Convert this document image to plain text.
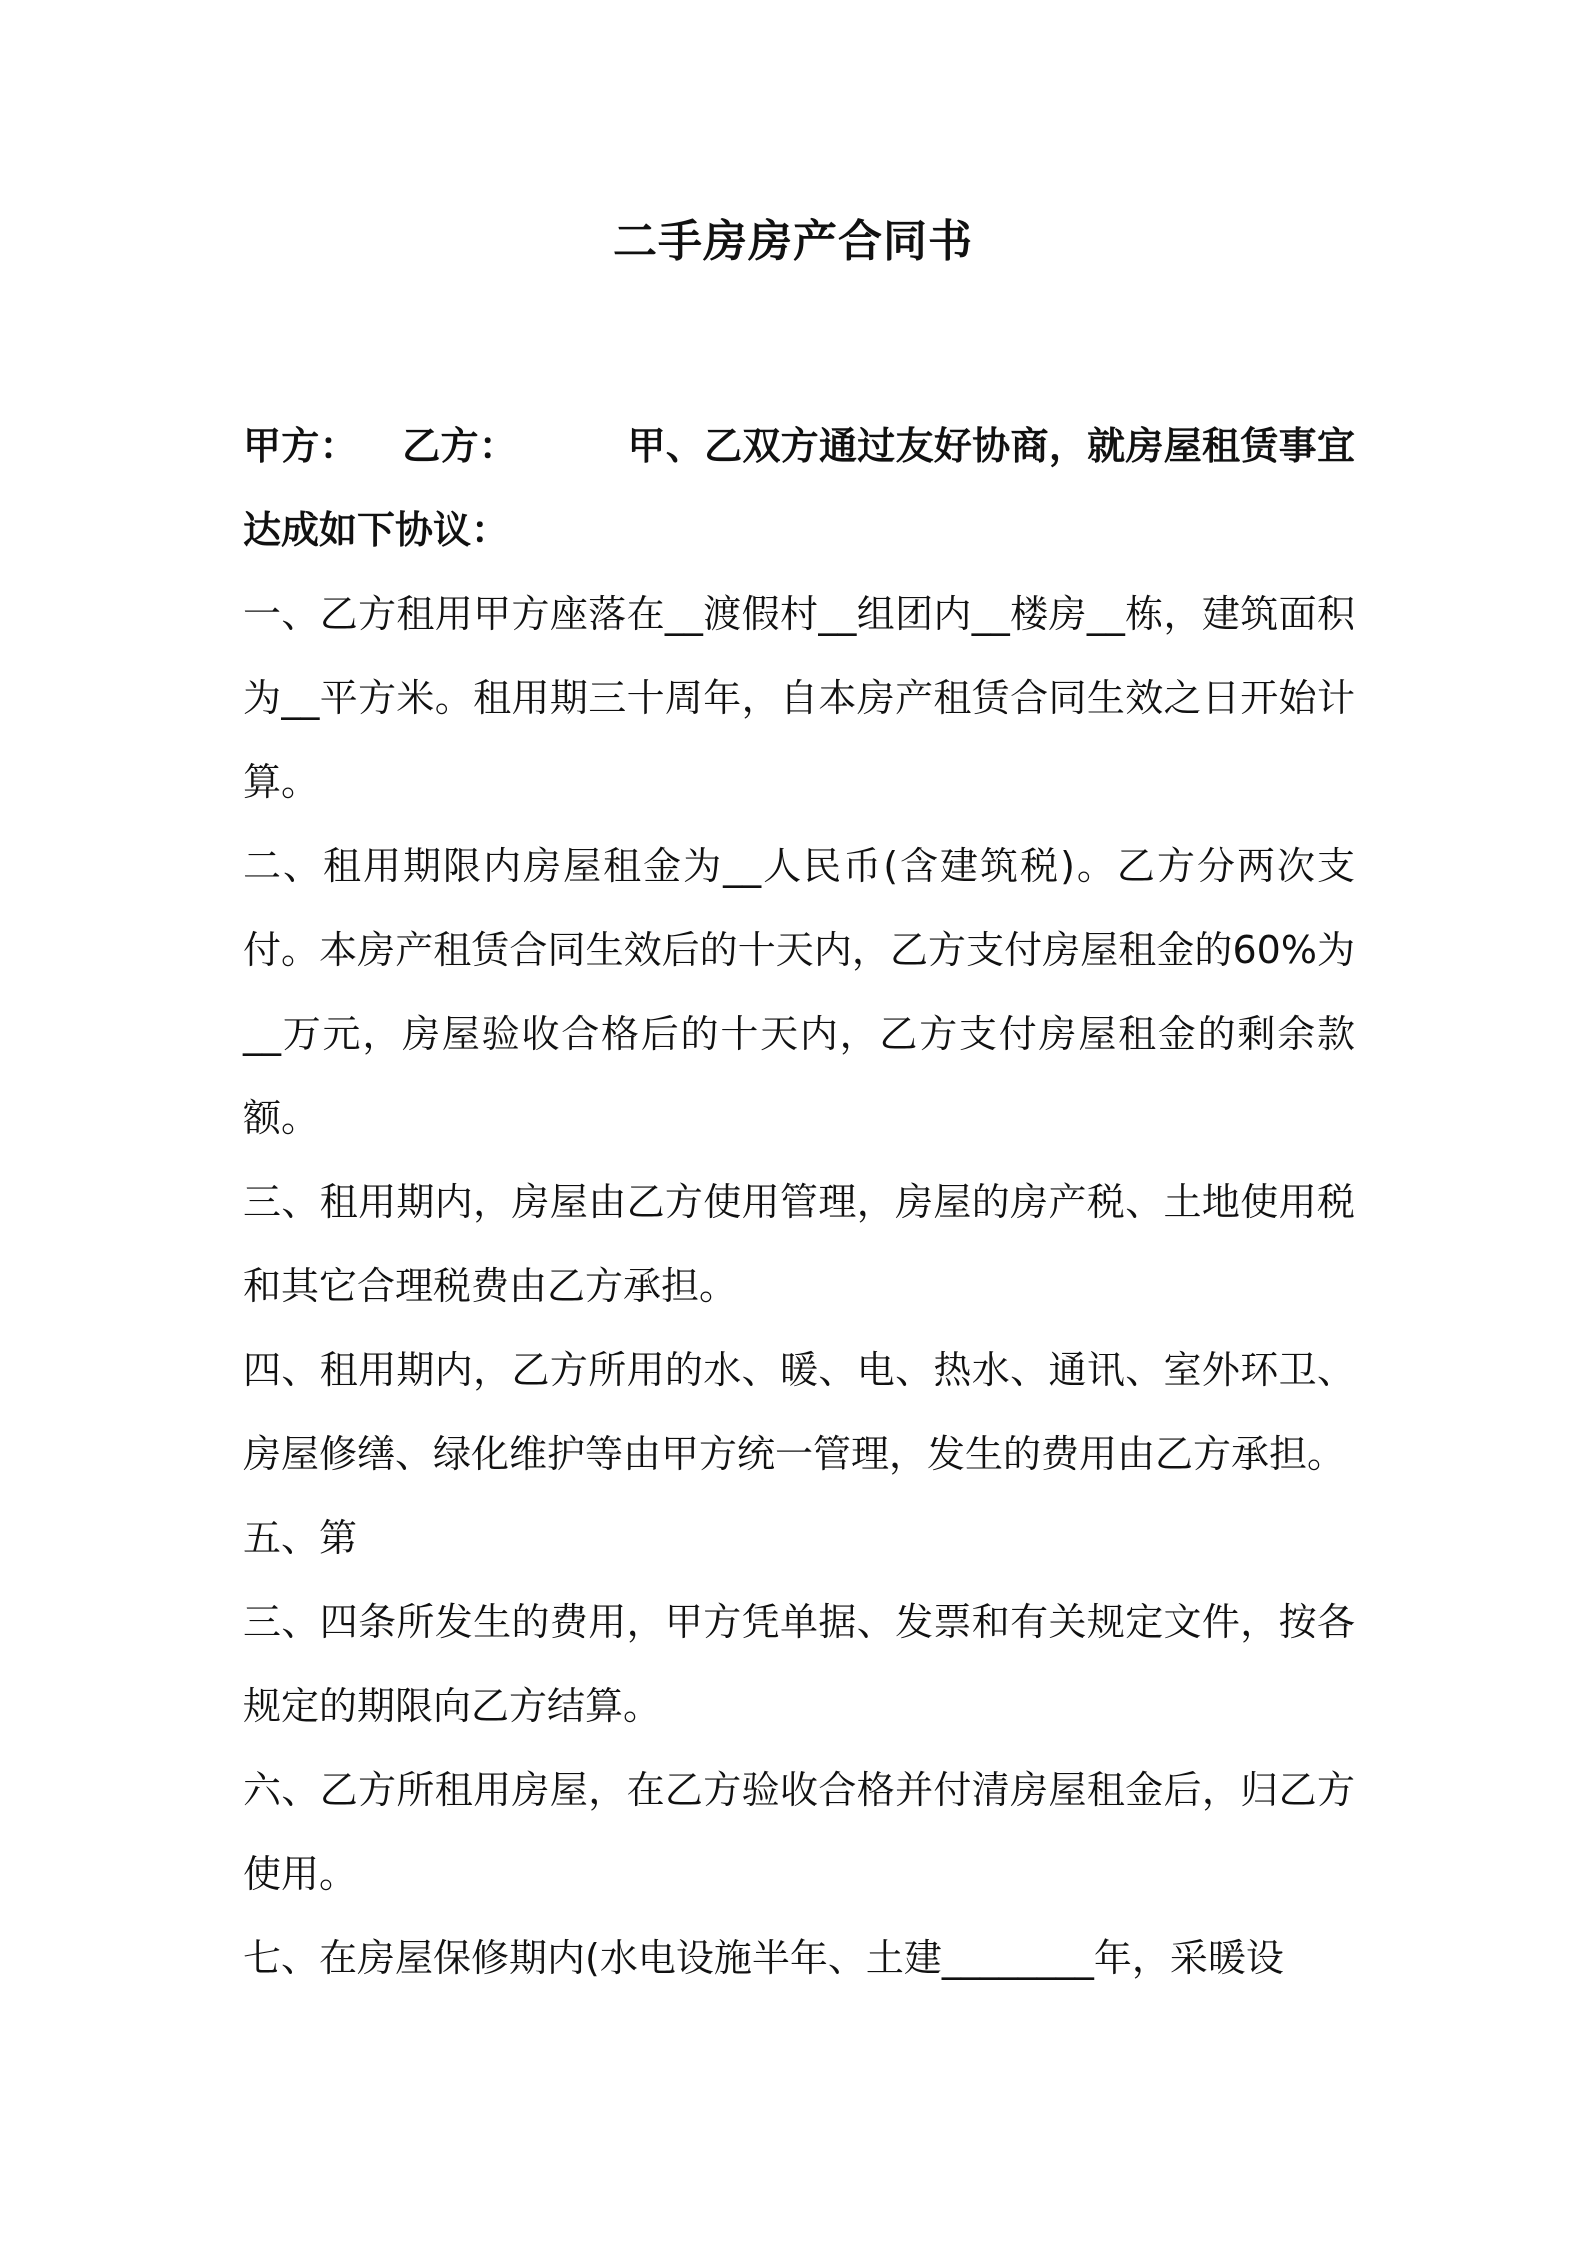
二手房房产合同书

甲方： 乙方：	甲、乙双方通过友好协商，就房屋租赁事宜达成如下协议：

一、乙方租用甲方座落在__渡假村__组团内__楼房__栋，建筑面积为__平方米。租用期三十周年，自本房产租赁合同生效之日开始计算。

二、租用期限内房屋租金为__人民币(含建筑税)。乙方分两次支付。本房产租赁合同生效后的十天内，乙方支付房屋租金的60%为__万元，房屋验收合格后的十天内，乙方支付房屋租金的剩余款额。

三、租用期内，房屋由乙方使用管理，房屋的房产税、土地使用税和其它合理税费由乙方承担。

四、租用期内，乙方所用的水、暖、电、热水、通讯、室外环卫、房屋修缮、绿化维护等由甲方统一管理，发生的费用由乙方承担。

五、第

三、四条所发生的费用，甲方凭单据、发票和有关规定文件，按各规定的期限向乙方结算。

六、乙方所租用房屋，在乙方验收合格并付清房屋租金后，归乙方使用。

七、在房屋保修期内(水电设施半年、土建________年，采暖设
